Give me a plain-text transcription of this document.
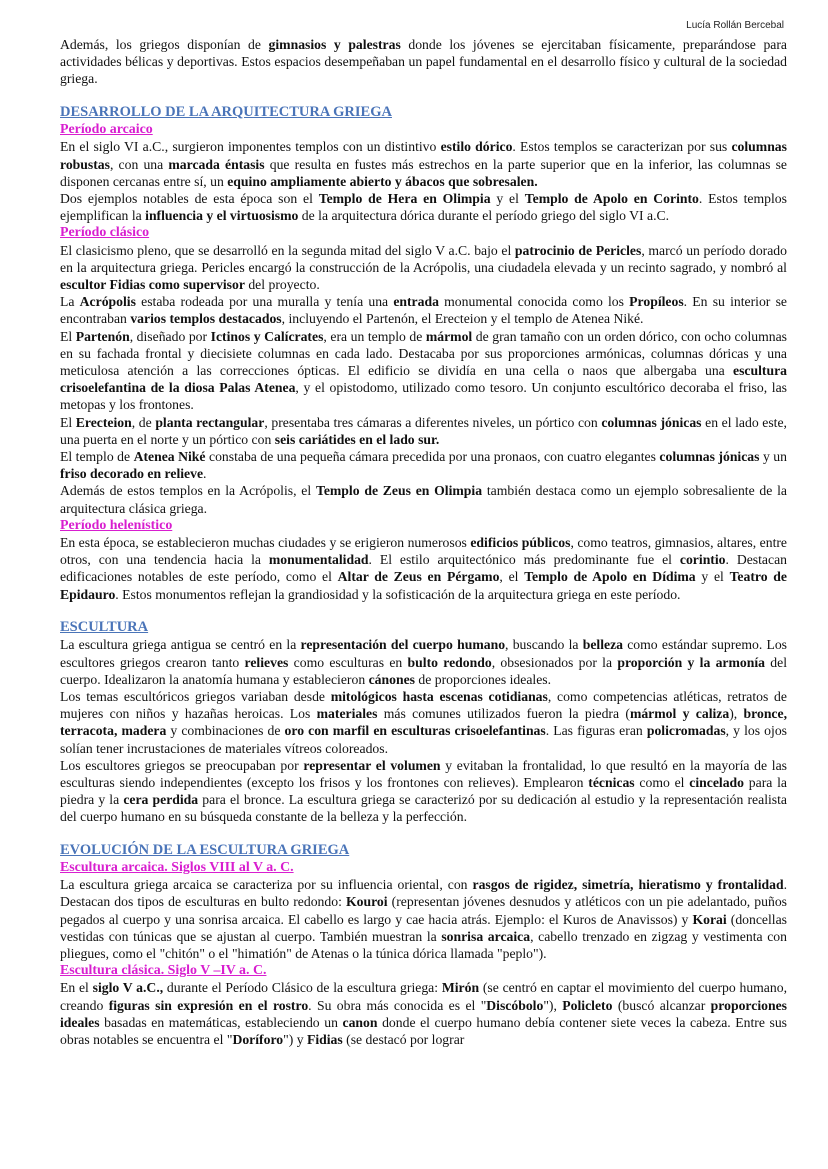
Lucía Rollán Bercebal

Además, los griegos disponían de gimnasios y palestras donde los jóvenes se ejercitaban físicamente, preparándose para actividades bélicas y deportivas. Estos espacios desempeñaban un papel fundamental en el desarrollo físico y cultural de la sociedad griega.

DESARROLLO DE LA ARQUITECTURA GRIEGA
Período arcaico

En el siglo VI a.C., surgieron imponentes templos con un distintivo estilo dórico. Estos templos se caracterizan por sus columnas robustas, con una marcada éntasis que resulta en fustes más estrechos en la parte superior que en la inferior, las columnas se disponen cercanas entre sí, un equino ampliamente abierto y ábacos que sobresalen.

Dos ejemplos notables de esta época son el Templo de Hera en Olimpia y el Templo de Apolo en Corinto. Estos templos ejemplifican la influencia y el virtuosismo de la arquitectura dórica durante el período griego del siglo VI a.C.

Período clásico

El clasicismo pleno, que se desarrolló en la segunda mitad del siglo V a.C. bajo el patrocinio de Pericles, marcó un período dorado en la arquitectura griega. Pericles encargó la construcción de la Acrópolis, una ciudadela elevada y un recinto sagrado, y nombró al escultor Fidias como supervisor del proyecto.

La Acrópolis estaba rodeada por una muralla y tenía una entrada monumental conocida como los Propíleos. En su interior se encontraban varios templos destacados, incluyendo el Partenón, el Erecteion y el templo de Atenea Niké.

El Partenón, diseñado por Ictinos y Calícrates, era un templo de mármol de gran tamaño con un orden dórico, con ocho columnas en su fachada frontal y diecisiete columnas en cada lado. Destacaba por sus proporciones armónicas, columnas dóricas y una meticulosa atención a las correcciones ópticas. El edificio se dividía en una cella o naos que albergaba una escultura crisoelefantina de la diosa Palas Atenea, y el opistodomo, utilizado como tesoro. Un conjunto escultórico decoraba el friso, las metopas y los frontones.

El Erecteion, de planta rectangular, presentaba tres cámaras a diferentes niveles, un pórtico con columnas jónicas en el lado este, una puerta en el norte y un pórtico con seis cariátides en el lado sur.

El templo de Atenea Niké constaba de una pequeña cámara precedida por una pronaos, con cuatro elegantes columnas jónicas y un friso decorado en relieve.

Además de estos templos en la Acrópolis, el Templo de Zeus en Olimpia también destaca como un ejemplo sobresaliente de la arquitectura clásica griega.

Período helenístico

En esta época, se establecieron muchas ciudades y se erigieron numerosos edificios públicos, como teatros, gimnasios, altares, entre otros, con una tendencia hacia la monumentalidad. El estilo arquitectónico más predominante fue el corintio. Destacan edificaciones notables de este período, como el Altar de Zeus en Pérgamo, el Templo de Apolo en Dídima y el Teatro de Epidauro. Estos monumentos reflejan la grandiosidad y la sofisticación de la arquitectura griega en este período.

ESCULTURA

La escultura griega antigua se centró en la representación del cuerpo humano, buscando la belleza como estándar supremo. Los escultores griegos crearon tanto relieves como esculturas en bulto redondo, obsesionados por la proporción y la armonía del cuerpo. Idealizaron la anatomía humana y establecieron cánones de proporciones ideales.

Los temas escultóricos griegos variaban desde mitológicos hasta escenas cotidianas, como competencias atléticas, retratos de mujeres con niños y hazañas heroicas. Los materiales más comunes utilizados fueron la piedra (mármol y caliza), bronce, terracota, madera y combinaciones de oro con marfil en esculturas crisoelefantinas. Las figuras eran policromadas, y los ojos solían tener incrustaciones de materiales vítreos coloreados.

Los escultores griegos se preocupaban por representar el volumen y evitaban la frontalidad, lo que resultó en la mayoría de las esculturas siendo independientes (excepto los frisos y los frontones con relieves). Emplearon técnicas como el cincelado para la piedra y la cera perdida para el bronce. La escultura griega se caracterizó por su dedicación al estudio y la representación realista del cuerpo humano en su búsqueda constante de la belleza y la perfección.

EVOLUCIÓN DE LA ESCULTURA GRIEGA
Escultura arcaica. Siglos VIII al V a. C.

La escultura griega arcaica se caracteriza por su influencia oriental, con rasgos de rigidez, simetría, hieratismo y frontalidad. Destacan dos tipos de esculturas en bulto redondo: Kouroi (representan jóvenes desnudos y atléticos con un pie adelantado, puños pegados al cuerpo y una sonrisa arcaica. El cabello es largo y cae hacia atrás. Ejemplo: el Kuros de Anavissos) y Korai (doncellas vestidas con túnicas que se ajustan al cuerpo. También muestran la sonrisa arcaica, cabello trenzado en zigzag y vestimenta con pliegues, como el "chitón" o el "himatión" de Atenas o la túnica dórica llamada "peplo").

Escultura clásica. Siglo V –IV a. C.

En el siglo V a.C., durante el Período Clásico de la escultura griega: Mirón (se centró en captar el movimiento del cuerpo humano, creando figuras sin expresión en el rostro. Su obra más conocida es el "Discóbolo"), Policleto (buscó alcanzar proporciones ideales basadas en matemáticas, estableciendo un canon donde el cuerpo humano debía contener siete veces la cabeza. Entre sus obras notables se encuentra el "Doríforo") y Fidias (se destacó por lograr
